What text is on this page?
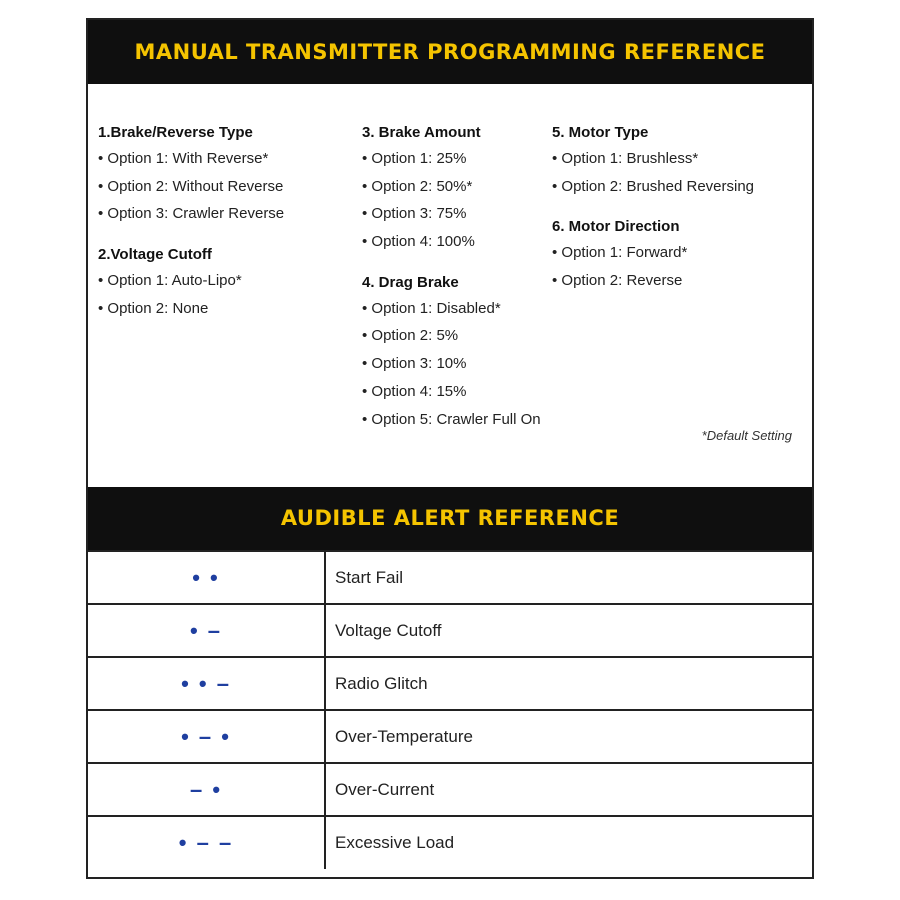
MANUAL TRANSMITTER PROGRAMMING REFERENCE
1.Brake/Reverse Type
• Option 1: With Reverse*
• Option 2: Without Reverse
• Option 3: Crawler Reverse
2.Voltage Cutoff
• Option 1: Auto-Lipo*
• Option 2: None
3. Brake Amount
• Option 1: 25%
• Option 2: 50%*
• Option 3: 75%
• Option 4: 100%
4. Drag Brake
• Option 1: Disabled*
• Option 2: 5%
• Option 3: 10%
• Option 4: 15%
• Option 5: Crawler Full On
5. Motor Type
• Option 1: Brushless*
• Option 2: Brushed Reversing
6. Motor Direction
• Option 1: Forward*
• Option 2: Reverse
*Default Setting
AUDIBLE ALERT REFERENCE
• •	Start Fail
• –	Voltage Cutoff
• • –	Radio Glitch
• – •	Over-Temperature
– •	Over-Current
• – –	Excessive Load
